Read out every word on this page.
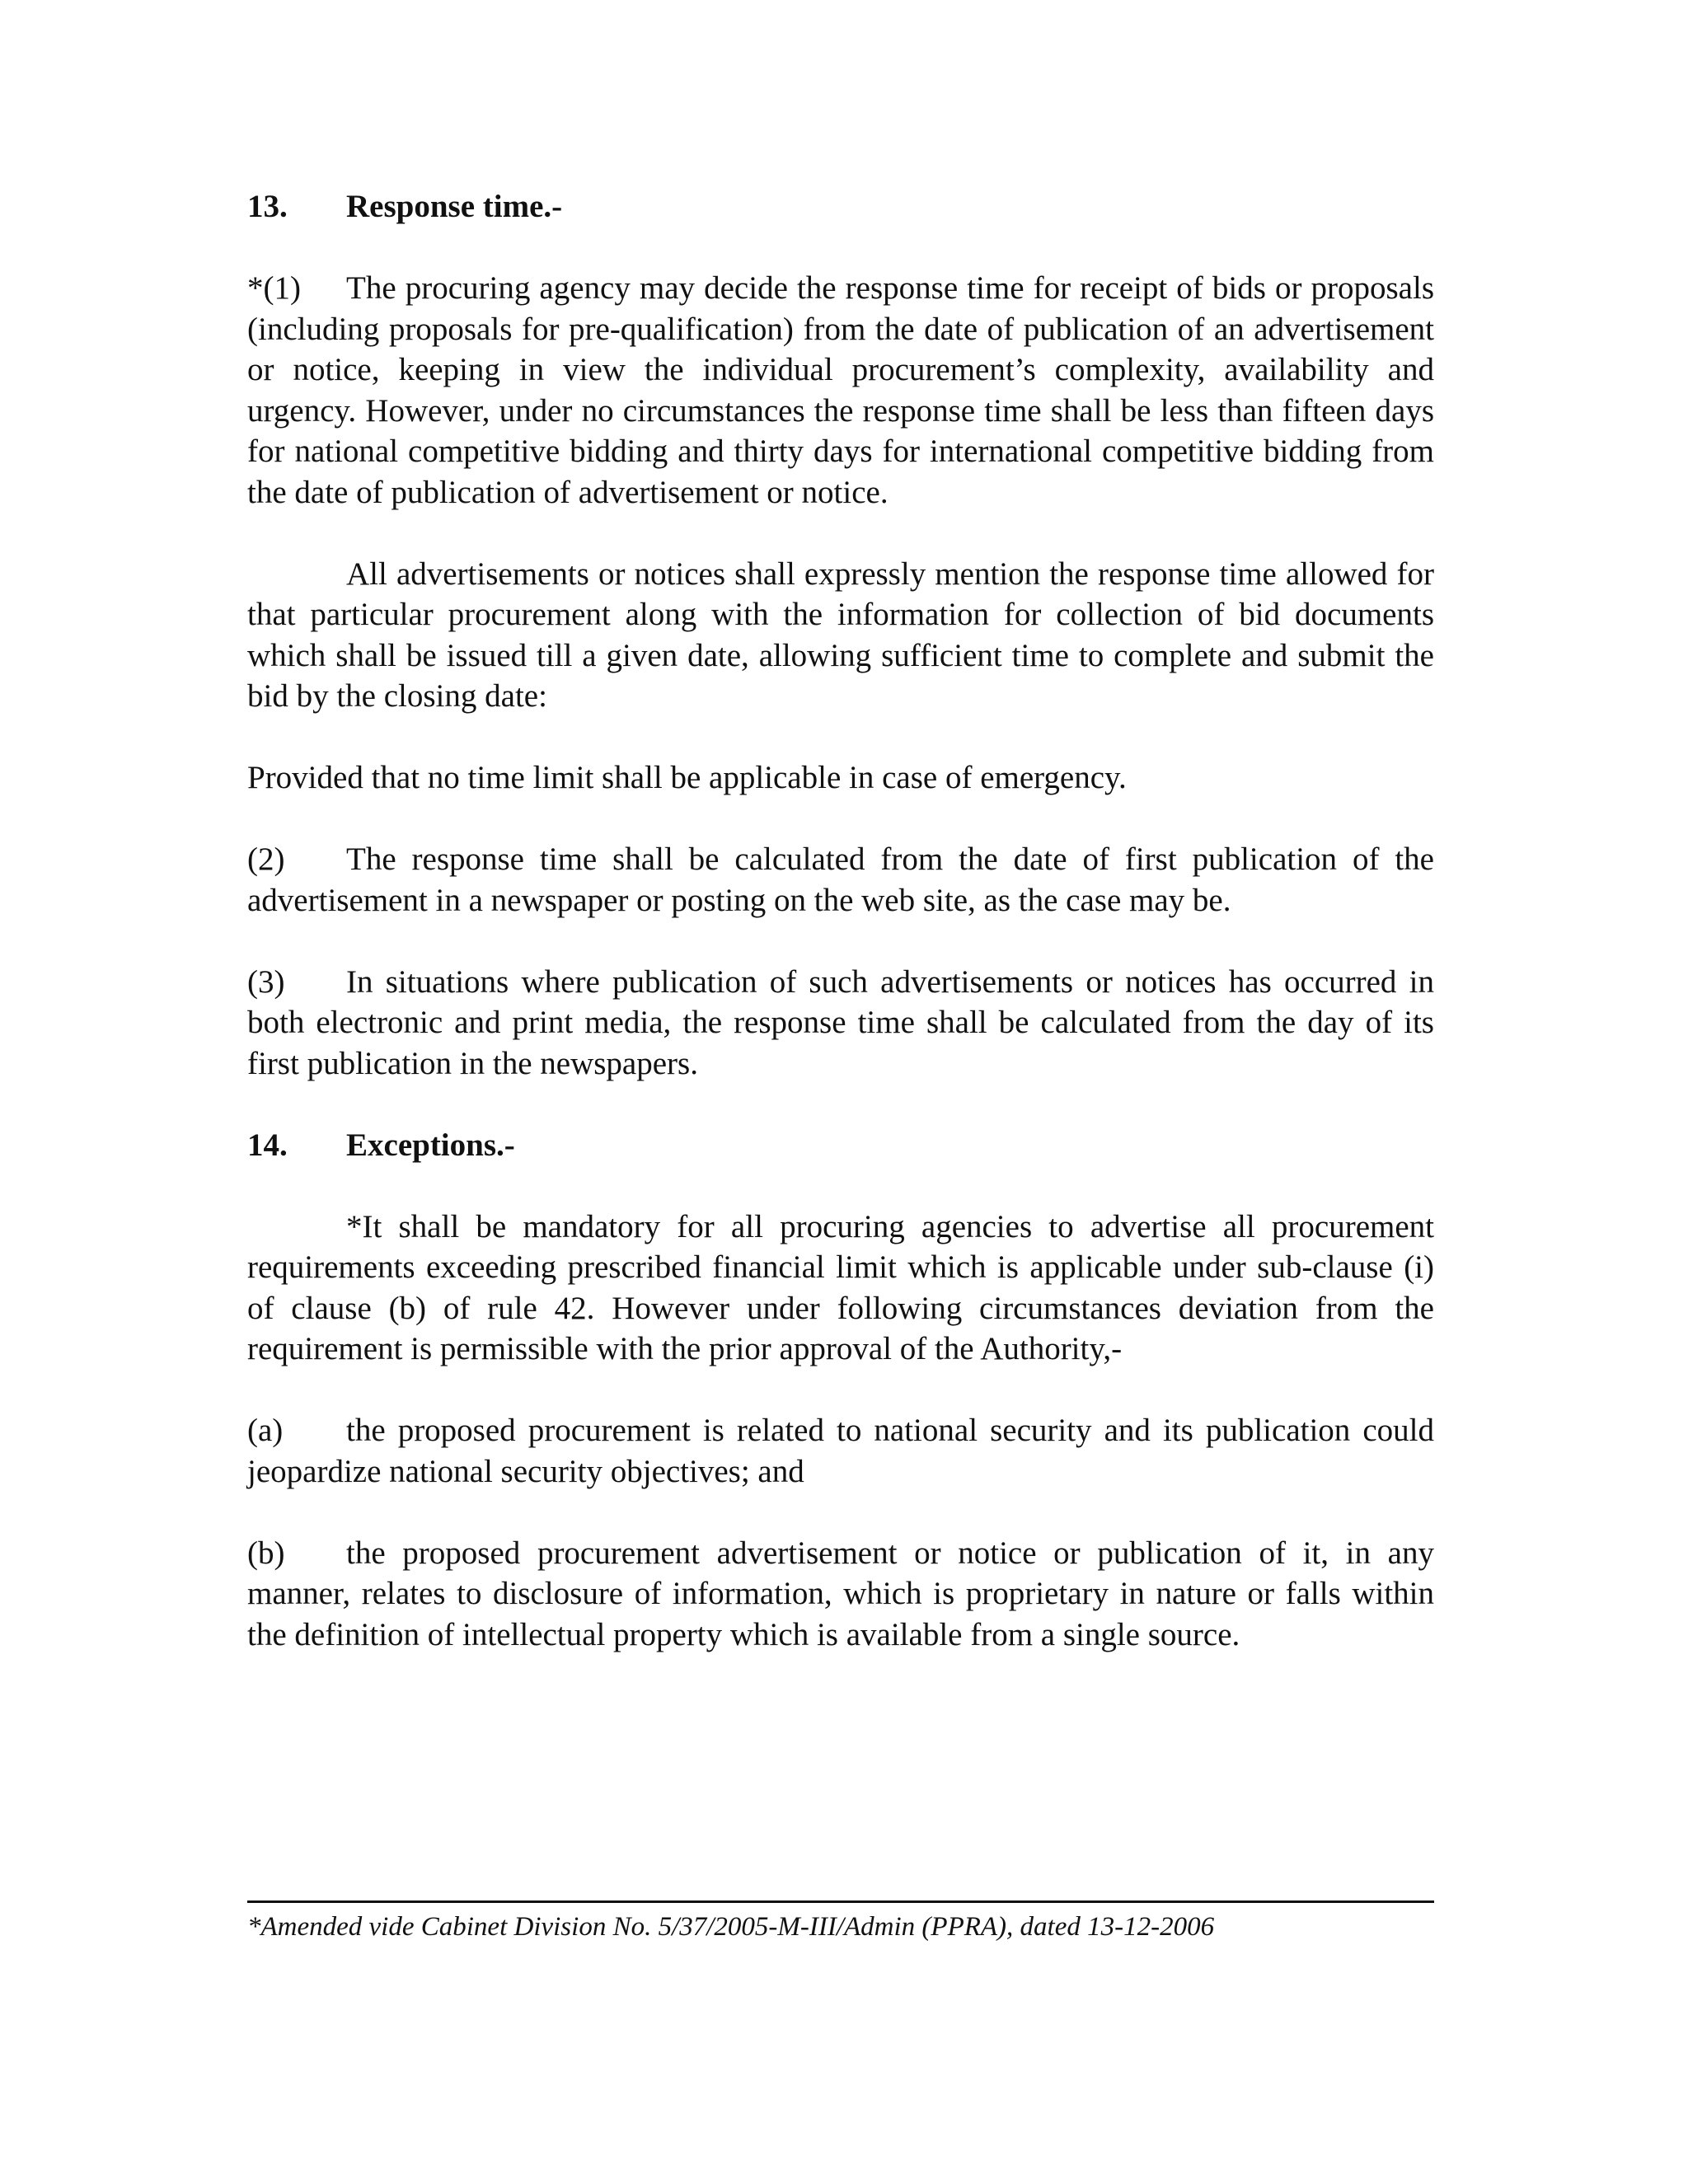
13. Response time.-

*(1) The procuring agency may decide the response time for receipt of bids or proposals (including proposals for pre-qualification) from the date of publication of an advertisement or notice, keeping in view the individual procurement’s complexity, availability and urgency. However, under no circumstances the response time shall be less than fifteen days for national competitive bidding and thirty days for international competitive bidding from the date of publication of advertisement or notice.

All advertisements or notices shall expressly mention the response time allowed for that particular procurement along with the information for collection of bid documents which shall be issued till a given date, allowing sufficient time to complete and submit the bid by the closing date:

Provided that no time limit shall be applicable in case of emergency.

(2) The response time shall be calculated from the date of first publication of the advertisement in a newspaper or posting on the web site, as the case may be.

(3) In situations where publication of such advertisements or notices has occurred in both electronic and print media, the response time shall be calculated from the day of its first publication in the newspapers.

14. Exceptions.-

*It shall be mandatory for all procuring agencies to advertise all procurement requirements exceeding prescribed financial limit which is applicable under sub-clause (i) of clause (b) of rule 42. However under following circumstances deviation from the requirement is permissible with the prior approval of the Authority,-

(a) the proposed procurement is related to national security and its publication could jeopardize national security objectives; and

(b) the proposed procurement advertisement or notice or publication of it, in any manner, relates to disclosure of information, which is proprietary in nature or falls within the definition of intellectual property which is available from a single source.

*Amended vide Cabinet Division No. 5/37/2005-M-III/Admin (PPRA), dated 13-12-2006
